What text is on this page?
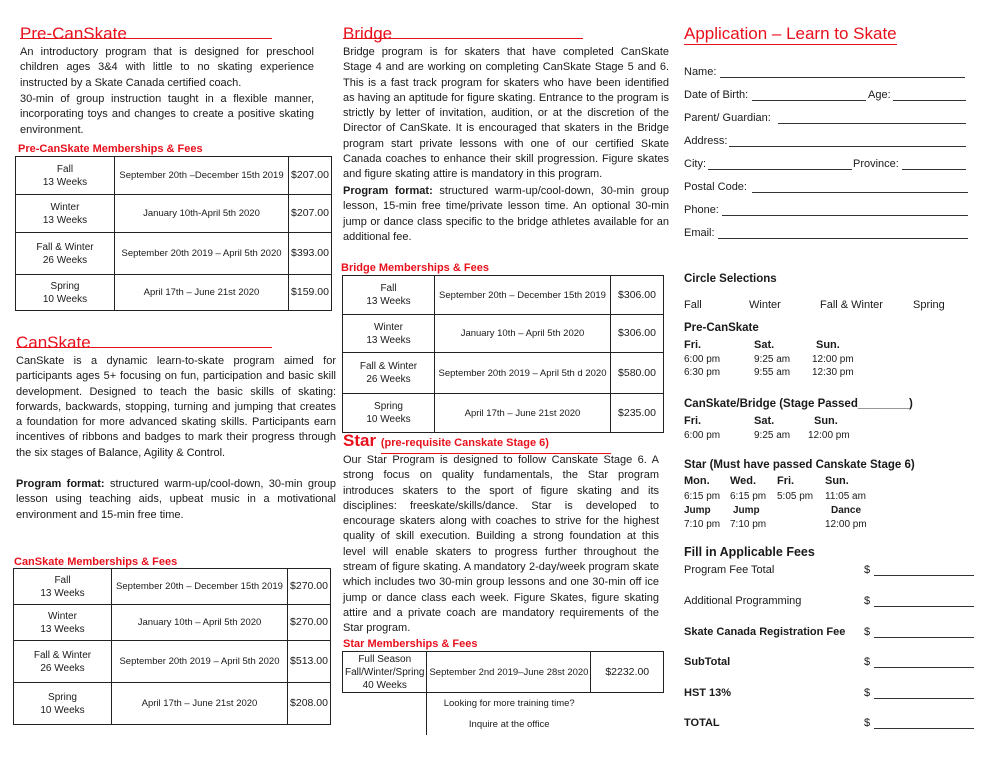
Pre-CanSkate
An introductory program that is designed for preschool children ages 3&4 with little to no skating experience instructed by a Skate Canada certified coach.
30-min of group instruction taught in a flexible manner, incorporating toys and changes to create a positive skating environment.
Pre-CanSkate Memberships & Fees
Fall
13 Weeks	September 20th –December 15th 2019	$207.00
Winter
13 Weeks	January 10th-April 5th 2020	$207.00
Fall & Winter
26 Weeks	September 20th 2019 – April 5th 2020	$393.00
Spring
10 Weeks	April 17th – June 21st 2020	$159.00
CanSkate
CanSkate is a dynamic learn-to-skate program aimed for participants ages 5+ focusing on fun, participation and basic skill development. Designed to teach the basic skills of skating: forwards, backwards, stopping, turning and jumping that creates a foundation for more advanced skating skills. Participants earn incentives of ribbons and badges to mark their progress through the six stages of Balance, Agility & Control.
Program format: structured warm-up/cool-down, 30-min group lesson using teaching aids, upbeat music in a motivational environment and 15-min free time.
CanSkate Memberships & Fees
Fall
13 Weeks	September 20th – December 15th 2019	$270.00
Winter
13 Weeks	January 10th – April 5th 2020	$270.00
Fall & Winter
26 Weeks	September 20th 2019 – April 5th 2020	$513.00
Spring
10 Weeks	April 17th – June 21st 2020	$208.00
Bridge
Bridge program is for skaters that have completed CanSkate Stage 4 and are working on completing CanSkate Stage 5 and 6. This is a fast track program for skaters who have been identified as having an aptitude for figure skating. Entrance to the program is strictly by letter of invitation, audition, or at the discretion of the Director of CanSkate. It is encouraged that skaters in the Bridge program start private lessons with one of our certified Skate Canada coaches to enhance their skill progression. Figure skates and figure skating attire is mandatory in this program.
Program format: structured warm-up/cool-down, 30-min group lesson, 15-min free time/private lesson time. An optional 30-min jump or dance class specific to the bridge athletes available for an additional fee.
Bridge Memberships & Fees
Fall
13 Weeks	September 20th – December 15th 2019	$306.00
Winter
13 Weeks	January 10th – April 5th 2020	$306.00
Fall & Winter
26 Weeks	September 20th 2019 – April 5th d 2020	$580.00
Spring
10 Weeks	April 17th – June 21st 2020	$235.00
Star (pre-requisite Canskate Stage 6)
Our Star Program is designed to follow Canskate Stage 6. A strong focus on quality fundamentals, the Star program introduces skaters to the sport of figure skating and its disciplines: freeskate/skills/dance. Star is developed to encourage skaters along with coaches to strive for the highest quality of skill execution. Building a strong foundation at this level will enable skaters to progress further throughout the stream of figure skating. A mandatory 2-day/week program skate which includes two 30-min group lessons and one 30-min off ice jump or dance class each week. Figure Skates, figure skating attire and a private coach are mandatory requirements of the Star program.
Star Memberships & Fees
Full Season
Fall/Winter/Spring
40 Weeks	September 2nd 2019–June 28st 2020	$2232.00

	Looking for more training time?
Inquire at the office	

Application – Learn to Skate
Name:
Date of Birth:	Age:
Parent/ Guardian:
Address:
City:	Province:
Postal Code:
Phone:
Email:
Circle Selections
Fall	Winter	Fall & Winter	Spring
Pre-CanSkate
Fri.	Sat.	Sun.
6:00 pm	9:25 am 12:00 pm
6:30 pm	9:55 am 12:30 pm
CanSkate/Bridge (Stage Passed________)
Fri.	Sat.	Sun.
6:00 pm	9:25 am 12:00 pm
Star (Must have passed Canskate Stage 6)
Mon. Wed. Fri.	Sun.
6:15 pm 6:15 pm 5:05 pm 11:05 am
Jump Jump	Dance
7:10 pm 7:10 pm	12:00 pm
Fill in Applicable Fees
Program Fee Total	$
Additional Programming	$
Skate Canada Registration Fee $
SubTotal	$
HST 13%	$
TOTAL	$
